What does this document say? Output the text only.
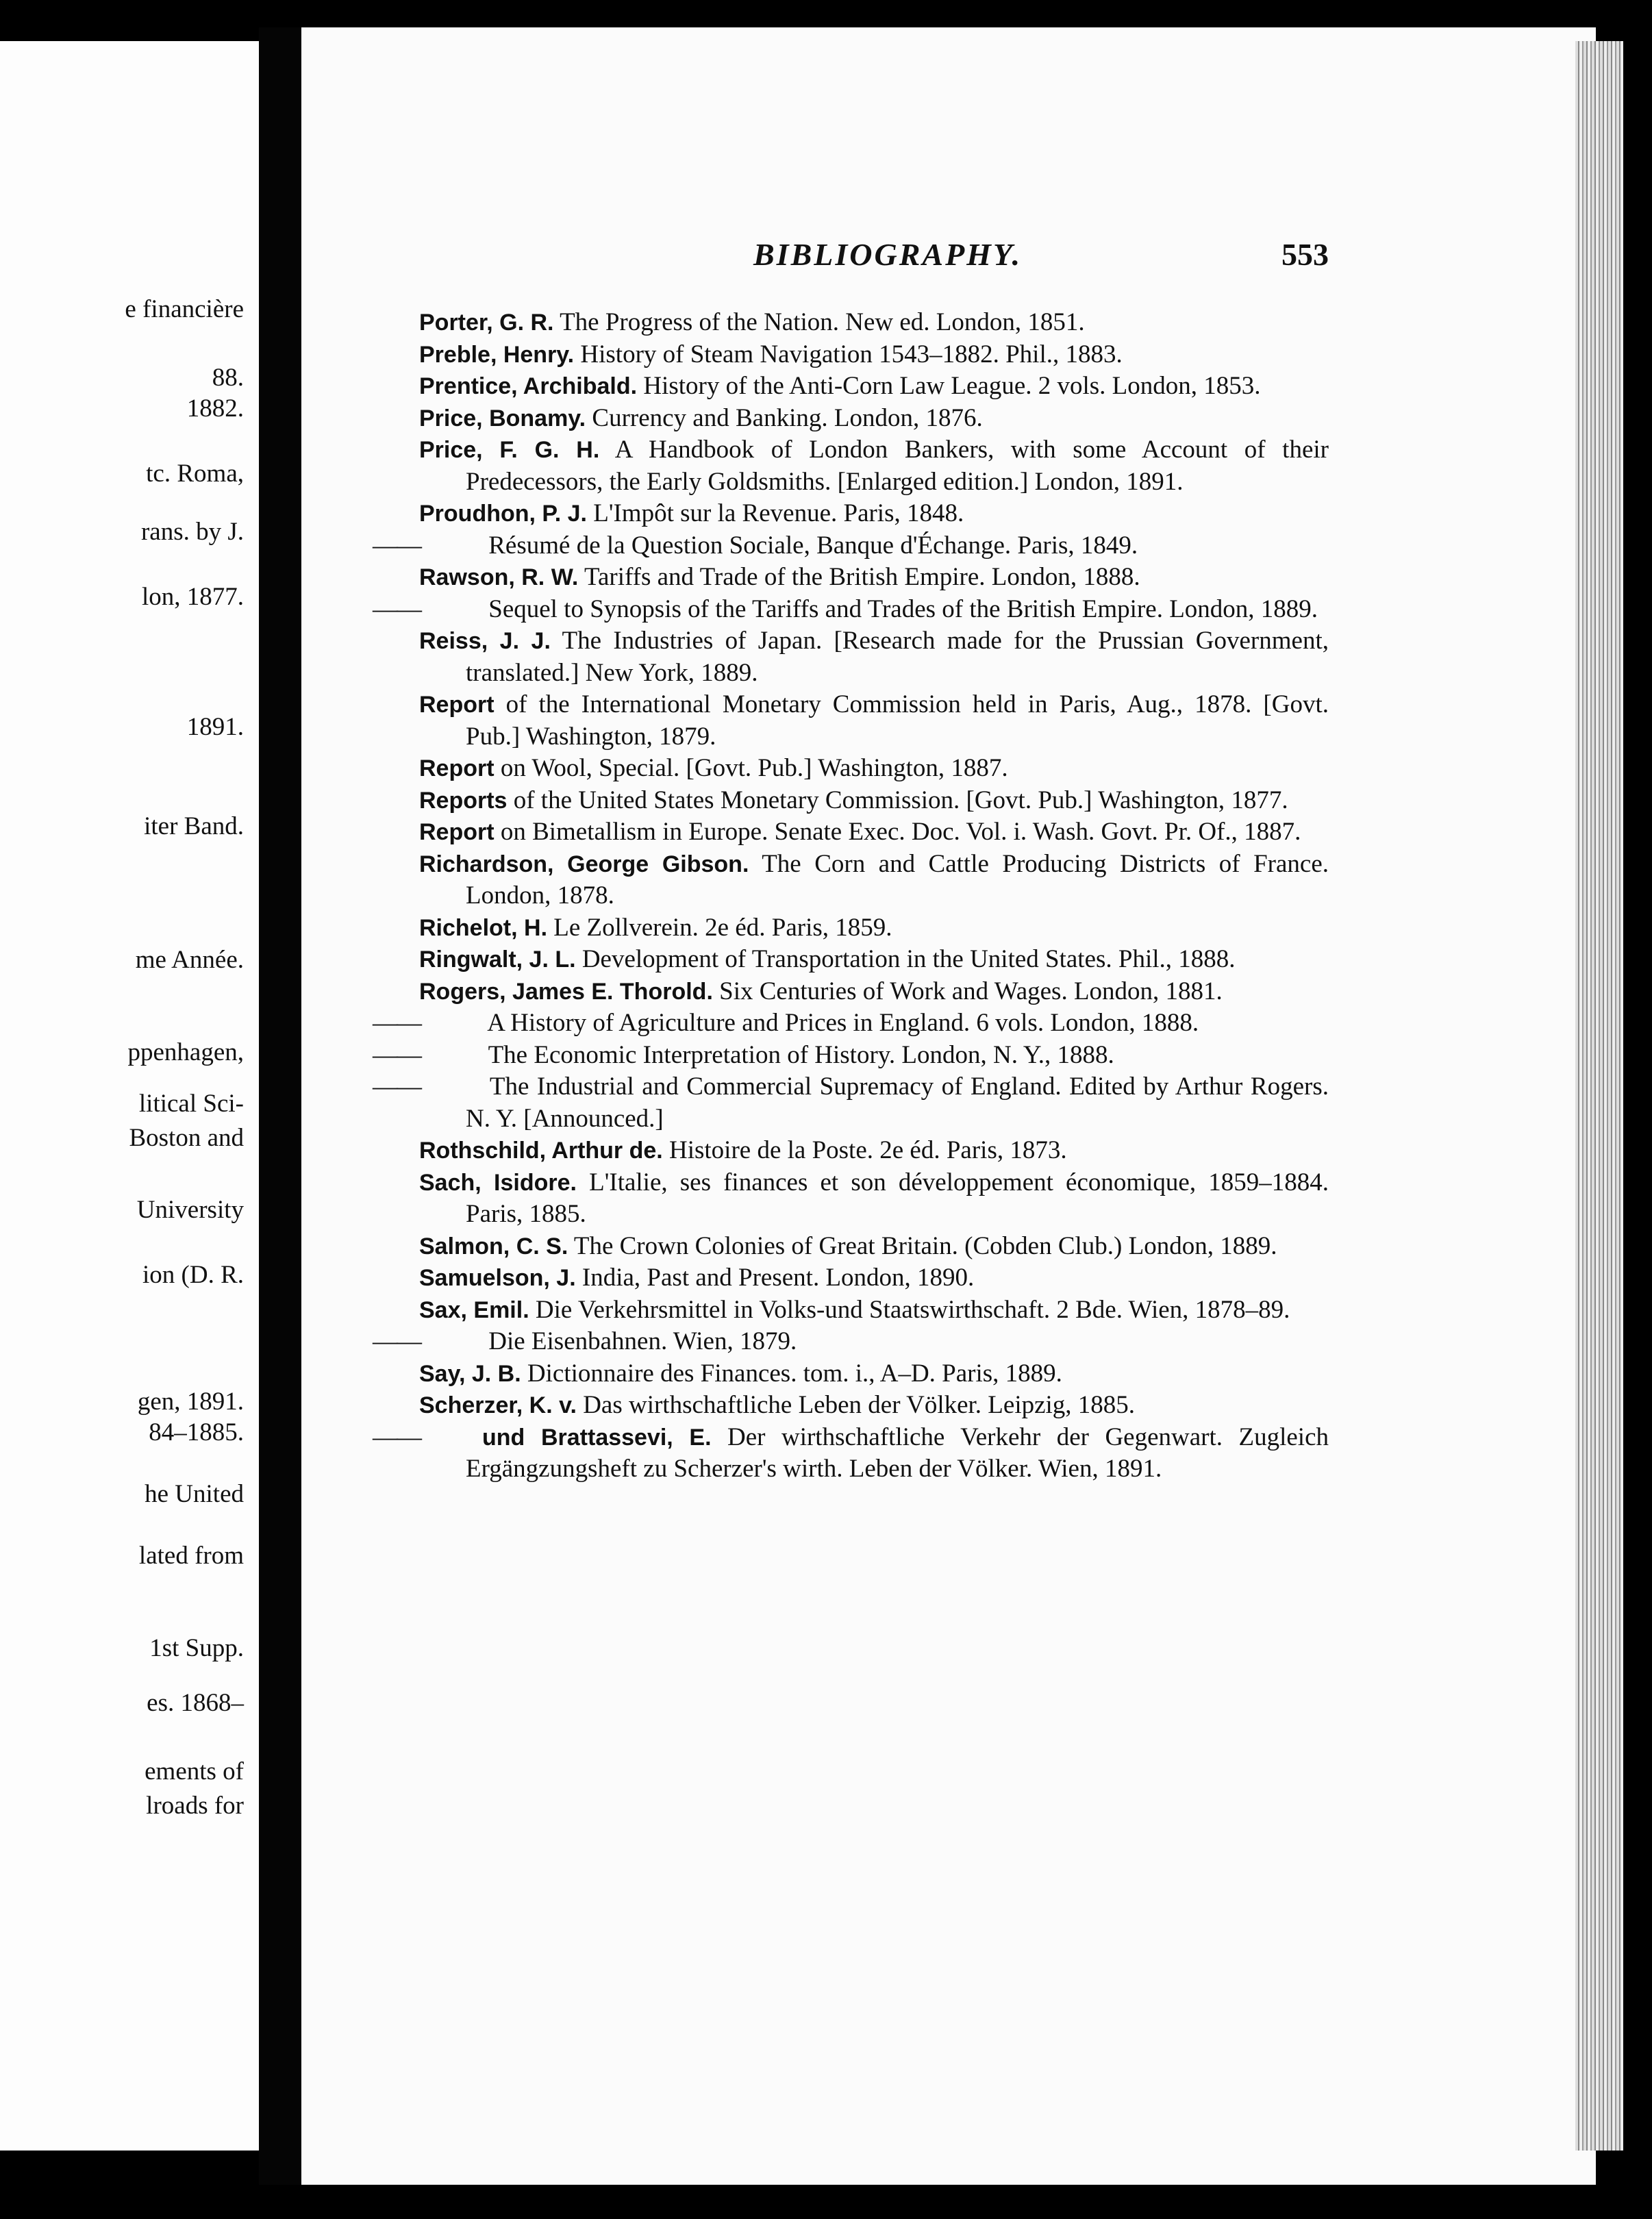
e financière
88.
1882.
tc. Roma,
rans. by J.
lon, 1877.
1891.
iter Band.
me Année.
ppenhagen,
litical Sci-
Boston and
University
ion (D. R.
gen, 1891.
84–1885.
he United
lated from
1st Supp.
es. 1868–
ements of
lroads for
BIBLIOGRAPHY.	553
Porter, G. R. The Progress of the Nation. New ed. London, 1851.
Preble, Henry. History of Steam Navigation 1543–1882. Phil., 1883.
Prentice, Archibald. History of the Anti-Corn Law League. 2 vols. London, 1853.
Price, Bonamy. Currency and Banking. London, 1876.
Price, F. G. H. A Handbook of London Bankers, with some Account of their Predecessors, the Early Goldsmiths. [Enlarged edition.] London, 1891.
Proudhon, P. J. L'Impôt sur la Revenue. Paris, 1848.
—— Résumé de la Question Sociale, Banque d'Échange. Paris, 1849.
Rawson, R. W. Tariffs and Trade of the British Empire. London, 1888.
—— Sequel to Synopsis of the Tariffs and Trades of the British Empire. London, 1889.
Reiss, J. J. The Industries of Japan. [Research made for the Prussian Government, translated.] New York, 1889.
Report of the International Monetary Commission held in Paris, Aug., 1878. [Govt. Pub.] Washington, 1879.
Report on Wool, Special. [Govt. Pub.] Washington, 1887.
Reports of the United States Monetary Commission. [Govt. Pub.] Washington, 1877.
Report on Bimetallism in Europe. Senate Exec. Doc. Vol. i. Wash. Govt. Pr. Of., 1887.
Richardson, George Gibson. The Corn and Cattle Producing Districts of France. London, 1878.
Richelot, H. Le Zollverein. 2e éd. Paris, 1859.
Ringwalt, J. L. Development of Transportation in the United States. Phil., 1888.
Rogers, James E. Thorold. Six Centuries of Work and Wages. London, 1881.
—— A History of Agriculture and Prices in England. 6 vols. London, 1888.
—— The Economic Interpretation of History. London, N. Y., 1888.
—— The Industrial and Commercial Supremacy of England. Edited by Arthur Rogers. N. Y. [Announced.]
Rothschild, Arthur de. Histoire de la Poste. 2e éd. Paris, 1873.
Sach, Isidore. L'Italie, ses finances et son développement économique, 1859–1884. Paris, 1885.
Salmon, C. S. The Crown Colonies of Great Britain. (Cobden Club.) London, 1889.
Samuelson, J. India, Past and Present. London, 1890.
Sax, Emil. Die Verkehrsmittel in Volks-und Staatswirthschaft. 2 Bde. Wien, 1878–89.
—— Die Eisenbahnen. Wien, 1879.
Say, J. B. Dictionnaire des Finances. tom. i., A–D. Paris, 1889.
Scherzer, K. v. Das wirthschaftliche Leben der Völker. Leipzig, 1885.
——	und Brattassevi, E. Der wirthschaftliche Verkehr der Gegenwart. Zugleich Ergängzungsheft zu Scherzer's wirth. Leben der Völker. Wien, 1891.
